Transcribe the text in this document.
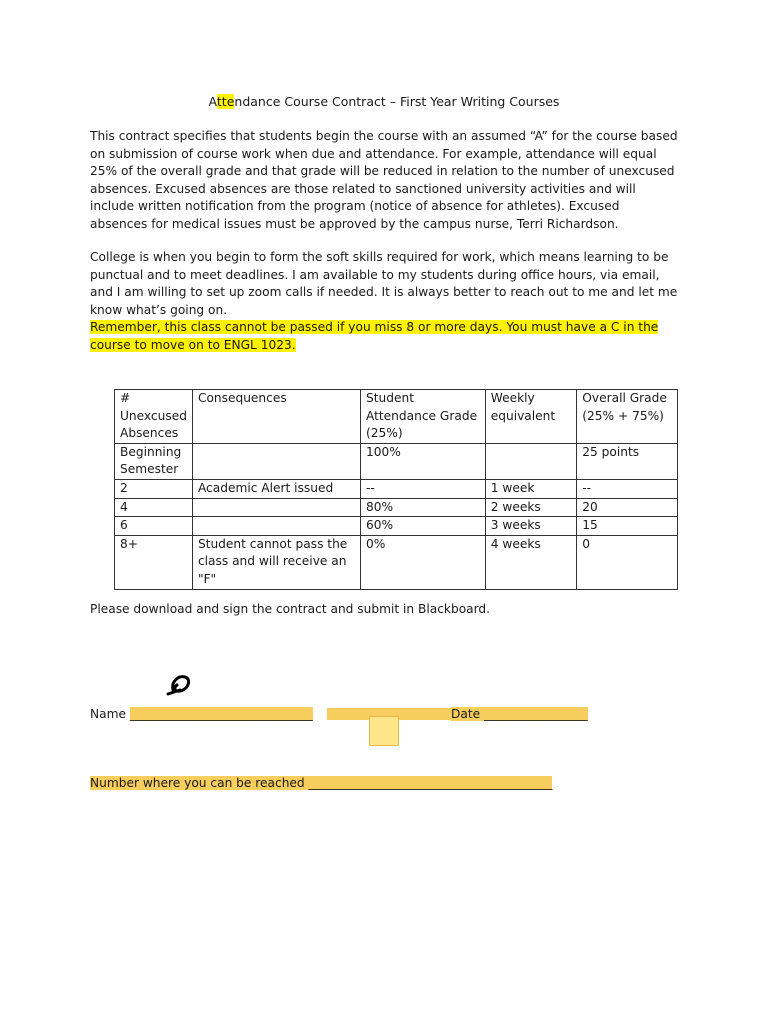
Attendance Course Contract – First Year Writing Courses

This contract specifies that students begin the course with an assumed “A” for the course based on submission of course work when due and attendance. For example, attendance will equal 25% of the overall grade and that grade will be reduced in relation to the number of unexcused absences. Excused absences are those related to sanctioned university activities and will include written notification from the program (notice of absence for athletes). Excused absences for medical issues must be approved by the campus nurse, Terri Richardson.

College is when you begin to form the soft skills required for work, which means learning to be punctual and to meet deadlines. I am available to my students during office hours, via email, and I am willing to set up zoom calls if needed. It is always better to reach out to me and let me know what’s going on.

Remember, this class cannot be passed if you miss 8 or more days. You must have a C in the course to move on to ENGL 1023.

# Unexcused Absences	Consequences	Student Attendance Grade (25%)	Weekly equivalent	Overall Grade (25% + 75%)
Beginning Semester		100%		25 points
2	Academic Alert issued	--	1 week	--
4		80%	2 weeks	20
6		60%	3 weeks	15
8+	Student cannot pass the class and will receive an "F"	0%	4 weeks	0
Please download and sign the contract and submit in Blackboard.
Name ______________________________	Date _________________
Number where you can be reached ________________________________________
